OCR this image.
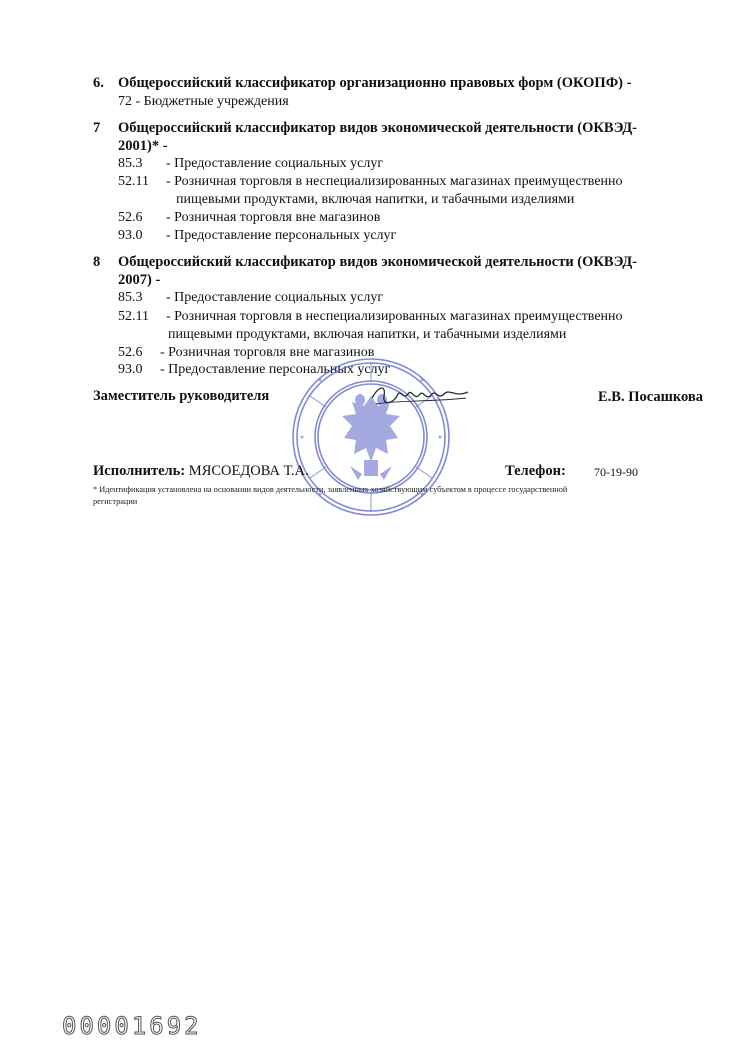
6. Общероссийский классификатор организационно правовых форм (ОКОПФ) -
72 - Бюджетные учреждения
7 Общероссийский классификатор видов экономической деятельности (ОКВЭД-
2001)* -
85.3 - Предоставление социальных услуг
52.11 - Розничная торговля в неспециализированных магазинах преимущественно
пищевыми продуктами, включая напитки, и табачными изделиями
52.6 - Розничная торговля вне магазинов
93.0 - Предоставление персональных услуг
8 Общероссийский классификатор видов экономической деятельности (ОКВЭД-
2007) -
85.3 - Предоставление социальных услуг
52.11 - Розничная торговля в неспециализированных магазинах преимущественно
пищевыми продуктами, включая напитки, и табачными изделиями
52.6 - Розничная торговля вне магазинов
93.0 - Предоставление персональных услуг
Заместитель руководителя	Е.В. Посашкова
Исполнитель: МЯСОЕДОВА Т.А.	Телефон: 70-19-90
* Идентификация установлена на основании видов деятельности, заявленных хозяйствующим субъектом в процессе государственной
регистрации
00001692
